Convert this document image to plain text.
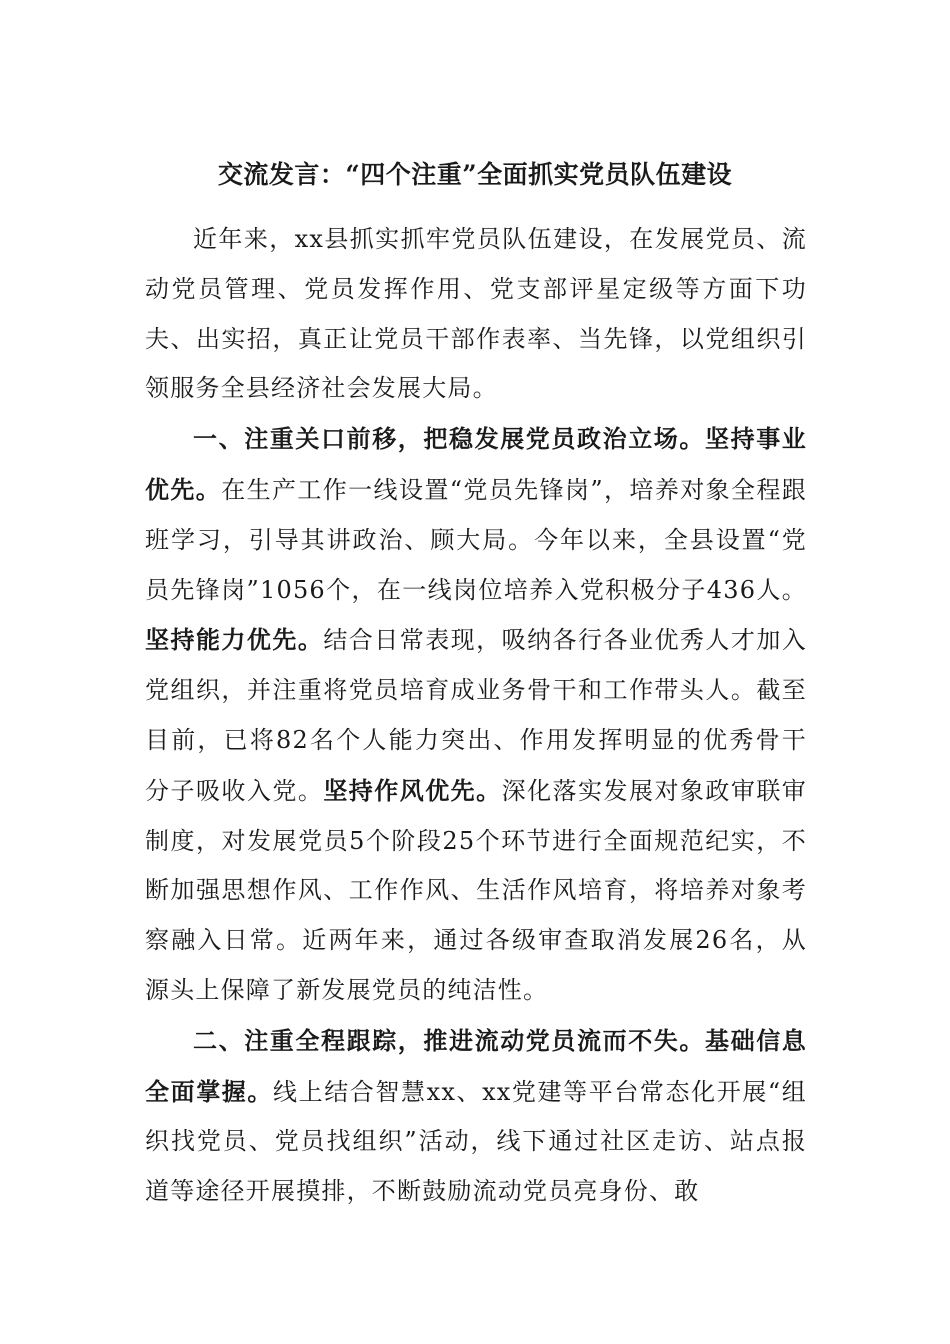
交流发言：“四个注重”全面抓实党员队伍建设

近年来，xx县抓实抓牢党员队伍建设，在发展党员、流动党员管理、党员发挥作用、党支部评星定级等方面下功夫、出实招，真正让党员干部作表率、当先锋，以党组织引领服务全县经济社会发展大局。

一、注重关口前移，把稳发展党员政治立场。坚持事业优先。在生产工作一线设置“党员先锋岗”，培养对象全程跟班学习，引导其讲政治、顾大局。今年以来，全县设置“党员先锋岗”1056个，在一线岗位培养入党积极分子436人。坚持能力优先。结合日常表现，吸纳各行各业优秀人才加入党组织，并注重将党员培育成业务骨干和工作带头人。截至目前，已将82名个人能力突出、作用发挥明显的优秀骨干分子吸收入党。坚持作风优先。深化落实发展对象政审联审制度，对发展党员5个阶段25个环节进行全面规范纪实，不断加强思想作风、工作作风、生活作风培育，将培养对象考察融入日常。近两年来，通过各级审查取消发展26名，从源头上保障了新发展党员的纯洁性。

二、注重全程跟踪，推进流动党员流而不失。基础信息全面掌握。线上结合智慧xx、xx党建等平台常态化开展“组织找党员、党员找组织”活动，线下通过社区走访、站点报道等途径开展摸排，不断鼓励流动党员亮身份、敢
